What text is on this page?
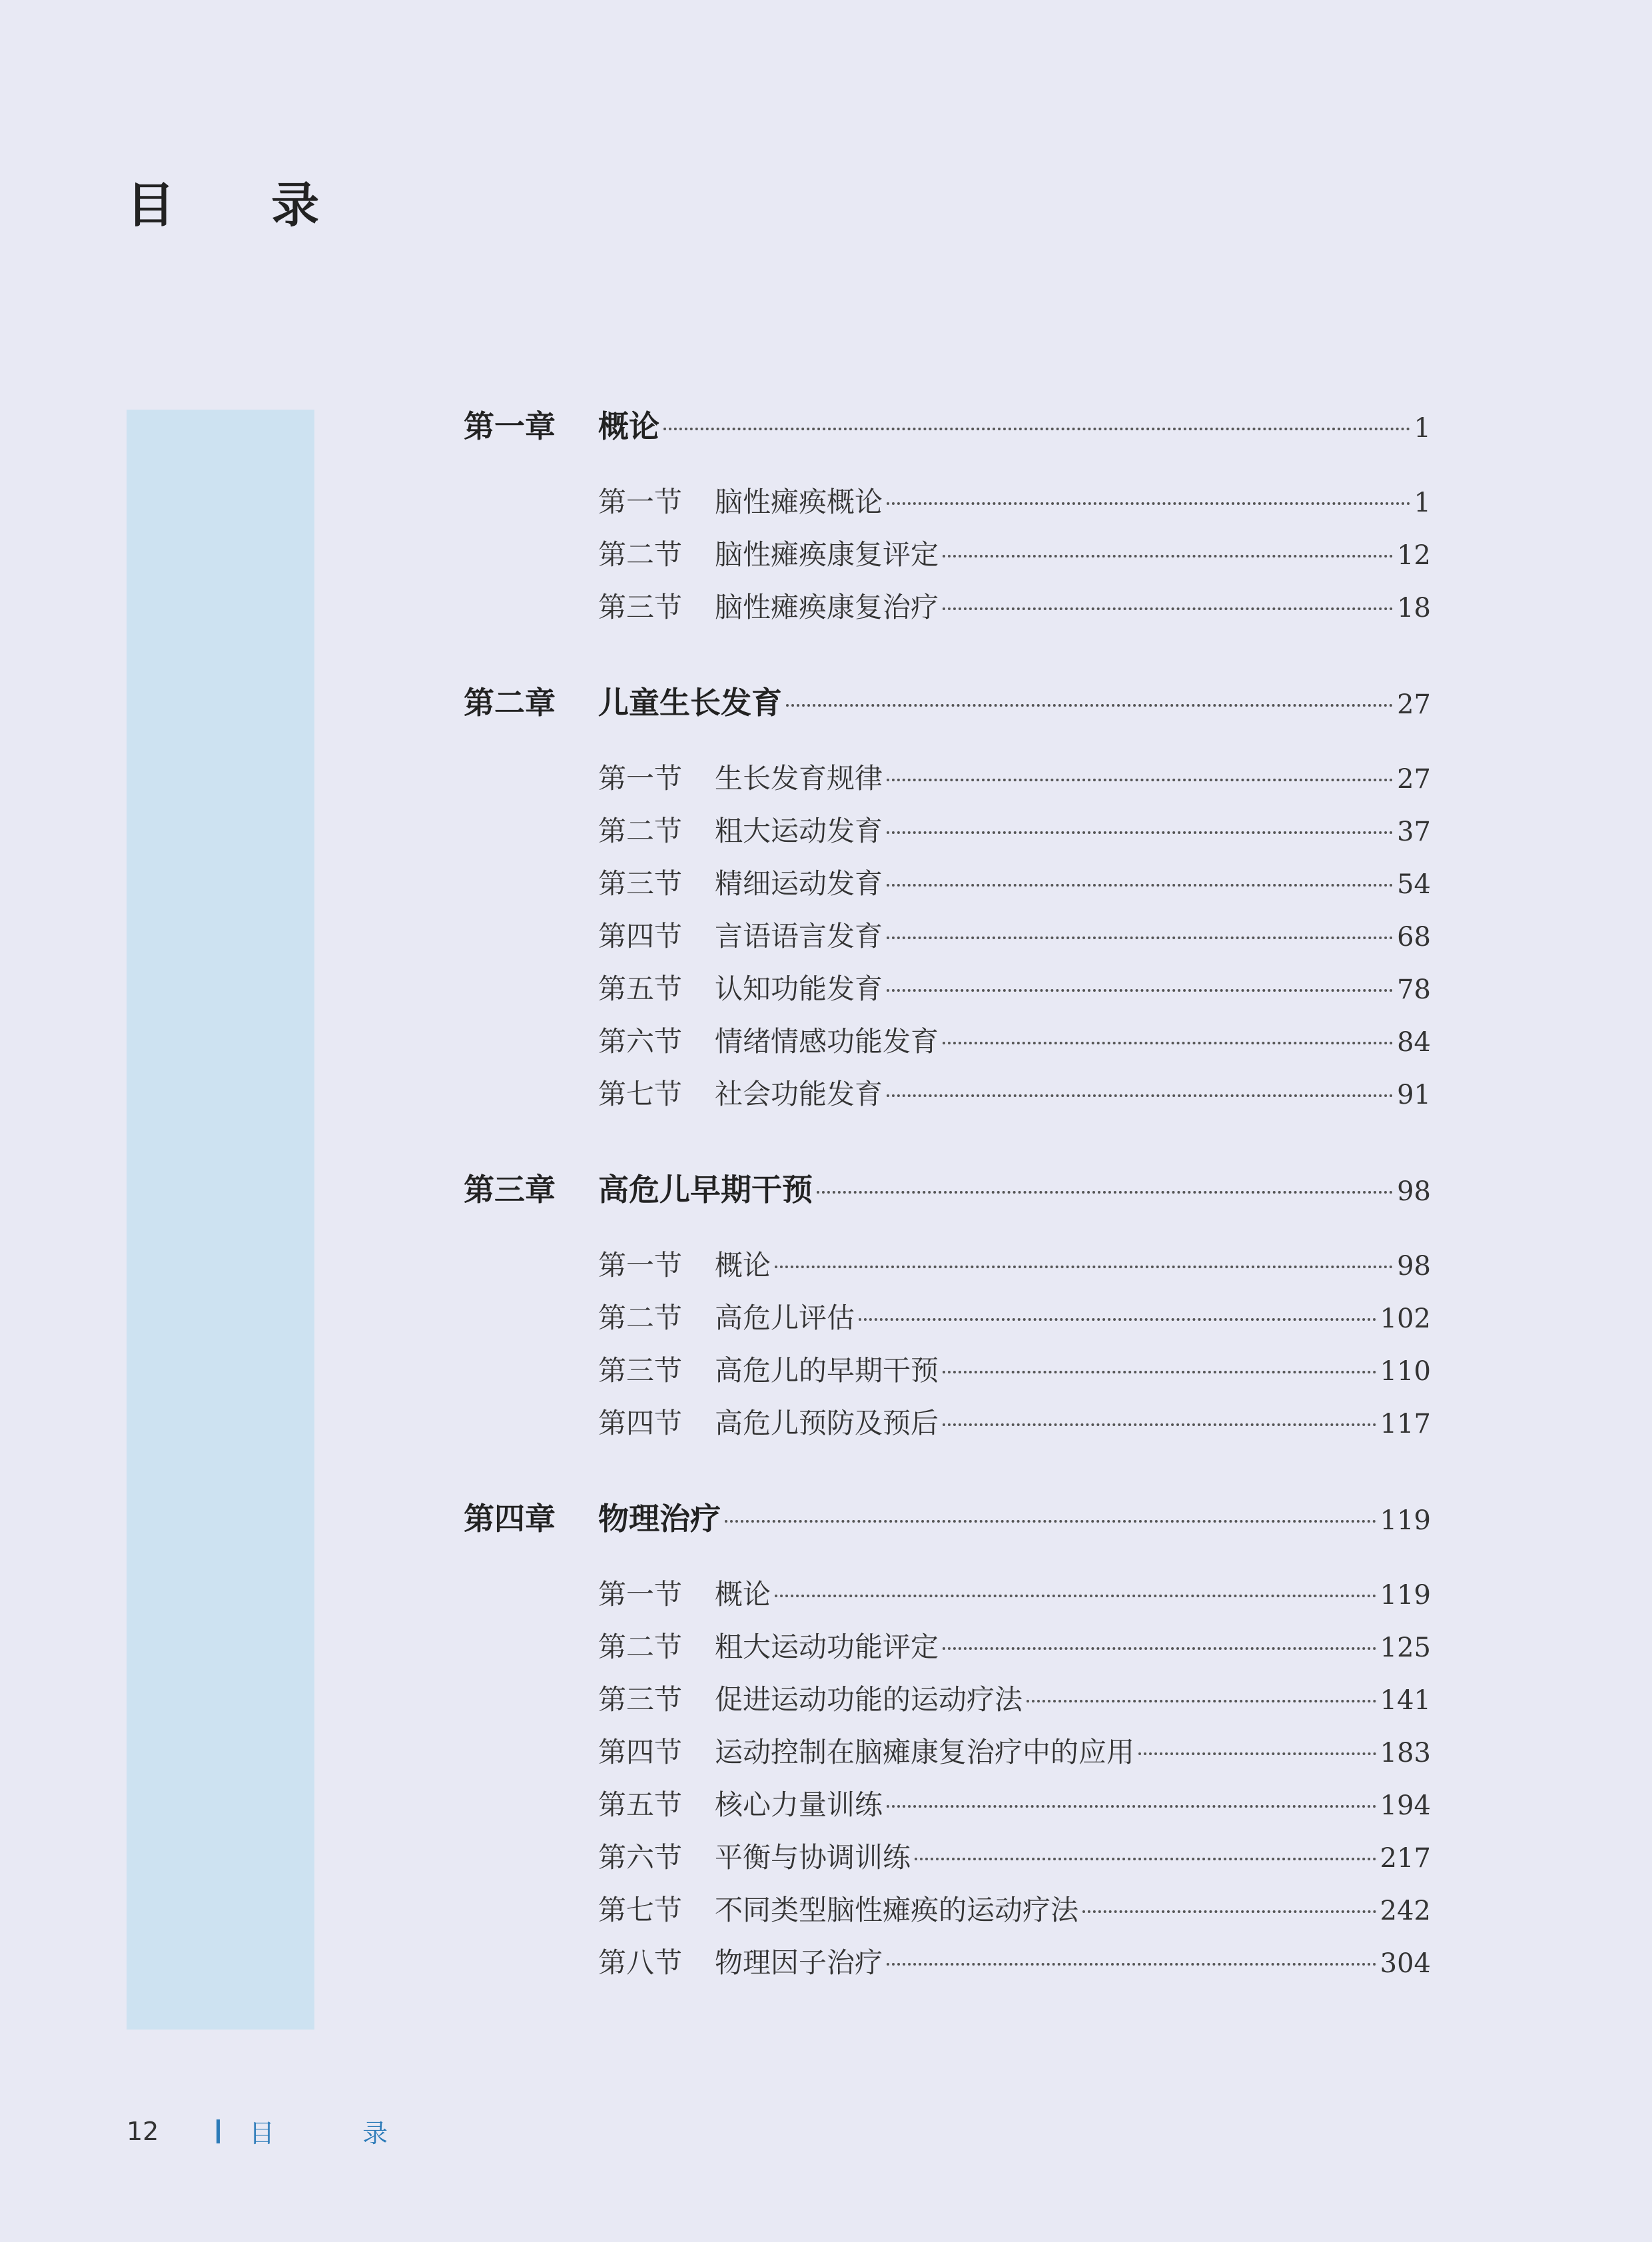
目 录
第一章	概论	1
第一节	脑性瘫痪概论	1
第二节	脑性瘫痪康复评定	12
第三节	脑性瘫痪康复治疗	18
第二章	儿童生长发育	27
第一节	生长发育规律	27
第二节	粗大运动发育	37
第三节	精细运动发育	54
第四节	言语语言发育	68
第五节	认知功能发育	78
第六节	情绪情感功能发育	84
第七节	社会功能发育	91
第三章	高危儿早期干预	98
第一节	概论	98
第二节	高危儿评估	102
第三节	高危儿的早期干预	110
第四节	高危儿预防及预后	117
第四章	物理治疗	119
第一节	概论	119
第二节	粗大运动功能评定	125
第三节	促进运动功能的运动疗法	141
第四节	运动控制在脑瘫康复治疗中的应用	183
第五节	核心力量训练	194
第六节	平衡与协调训练	217
第七节	不同类型脑性瘫痪的运动疗法	242
第八节	物理因子治疗	304
12	目 录
